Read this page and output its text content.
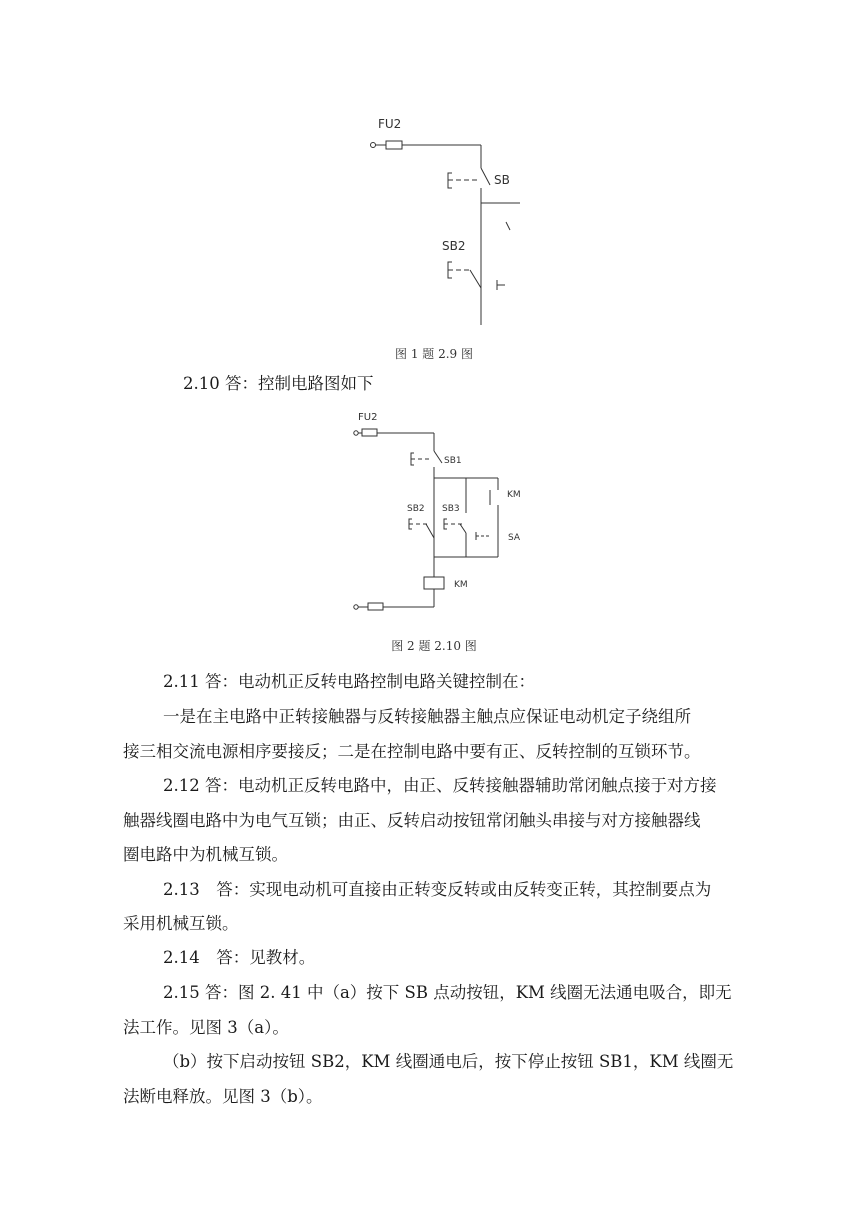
FU2
SB
SB2
图 1 题 2.9 图
2.10 答：控制电路图如下
FU2
SB1
KM
SB2 SB3
SA
KM
图 2 题 2.10 图
2.11 答：电动机正反转电路控制电路关键控制在：
一是在主电路中正转接触器与反转接触器主触点应保证电动机定子绕组所
接三相交流电源相序要接反；二是在控制电路中要有正、反转控制的互锁环节。
2.12 答：电动机正反转电路中，由正、反转接触器辅助常闭触点接于对方接
触器线圈电路中为电气互锁；由正、反转启动按钮常闭触头串接与对方接触器线
圈电路中为机械互锁。
2.13　答：实现电动机可直接由正转变反转或由反转变正转，其控制要点为
采用机械互锁。
2.14　答：见教材。
2.15 答：图 2. 41 中（a）按下 SB 点动按钮，KM 线圈无法通电吸合，即无
法工作。见图 3（a）。
（b）按下启动按钮 SB2，KM 线圈通电后，按下停止按钮 SB1，KM 线圈无
法断电释放。见图 3（b）。
